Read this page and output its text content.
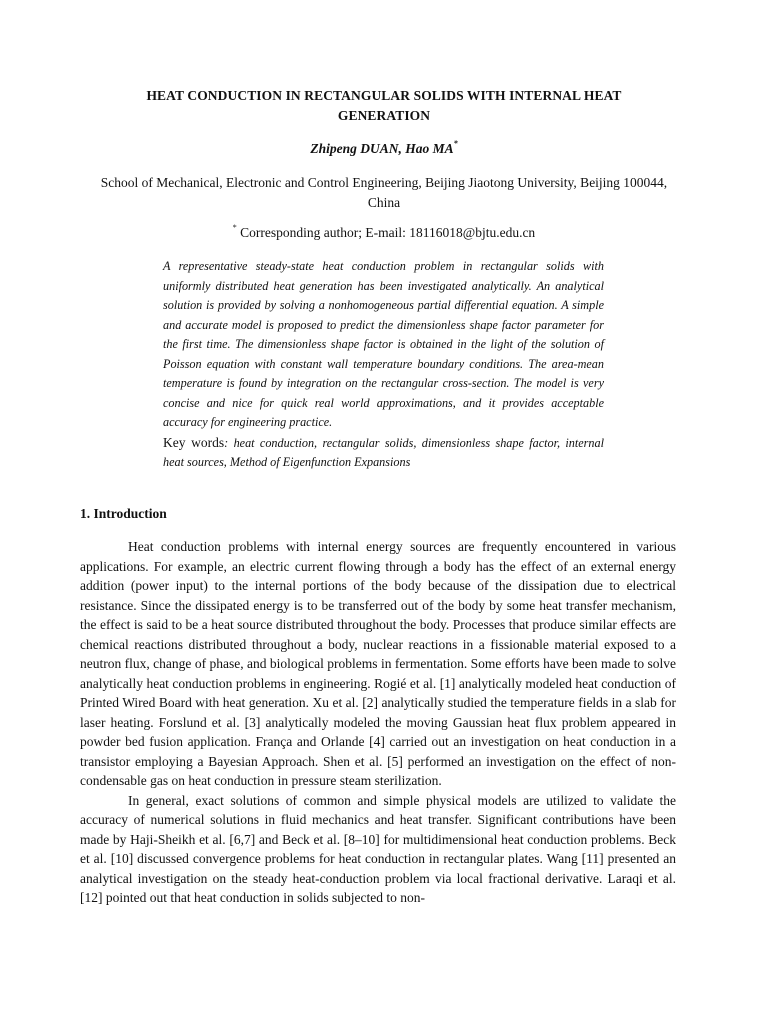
HEAT CONDUCTION IN RECTANGULAR SOLIDS WITH INTERNAL HEAT GENERATION
Zhipeng DUAN, Hao MA*
School of Mechanical, Electronic and Control Engineering, Beijing Jiaotong University, Beijing 100044, China
* Corresponding author; E-mail: 18116018@bjtu.edu.cn

A representative steady-state heat conduction problem in rectangular solids with uniformly distributed heat generation has been investigated analytically. An analytical solution is provided by solving a nonhomogeneous partial differential equation. A simple and accurate model is proposed to predict the dimensionless shape factor parameter for the first time. The dimensionless shape factor is obtained in the light of the solution of Poisson equation with constant wall temperature boundary conditions. The area-mean temperature is found by integration on the rectangular cross-section. The model is very concise and nice for quick real world approximations, and it provides acceptable accuracy for engineering practice.

Key words: heat conduction, rectangular solids, dimensionless shape factor, internal heat sources, Method of Eigenfunction Expansions

1. Introduction

Heat conduction problems with internal energy sources are frequently encountered in various applications. For example, an electric current flowing through a body has the effect of an external energy addition (power input) to the internal portions of the body because of the dissipation due to electrical resistance. Since the dissipated energy is to be transferred out of the body by some heat transfer mechanism, the effect is said to be a heat source distributed throughout the body. Processes that produce similar effects are chemical reactions distributed throughout a body, nuclear reactions in a fissionable material exposed to a neutron flux, change of phase, and biological problems in fermentation. Some efforts have been made to solve analytically heat conduction problems in engineering. Rogié et al. [1] analytically modeled heat conduction of Printed Wired Board with heat generation. Xu et al. [2] analytically studied the temperature fields in a slab for laser heating. Forslund et al. [3] analytically modeled the moving Gaussian heat flux problem appeared in powder bed fusion application. França and Orlande [4] carried out an investigation on heat conduction in a transistor employing a Bayesian Approach. Shen et al. [5] performed an investigation on the effect of non-condensable gas on heat conduction in pressure steam sterilization.

In general, exact solutions of common and simple physical models are utilized to validate the accuracy of numerical solutions in fluid mechanics and heat transfer. Significant contributions have been made by Haji-Sheikh et al. [6,7] and Beck et al. [8–10] for multidimensional heat conduction problems. Beck et al. [10] discussed convergence problems for heat conduction in rectangular plates. Wang [11] presented an analytical investigation on the steady heat-conduction problem via local fractional derivative. Laraqi et al. [12] pointed out that heat conduction in solids subjected to non-
